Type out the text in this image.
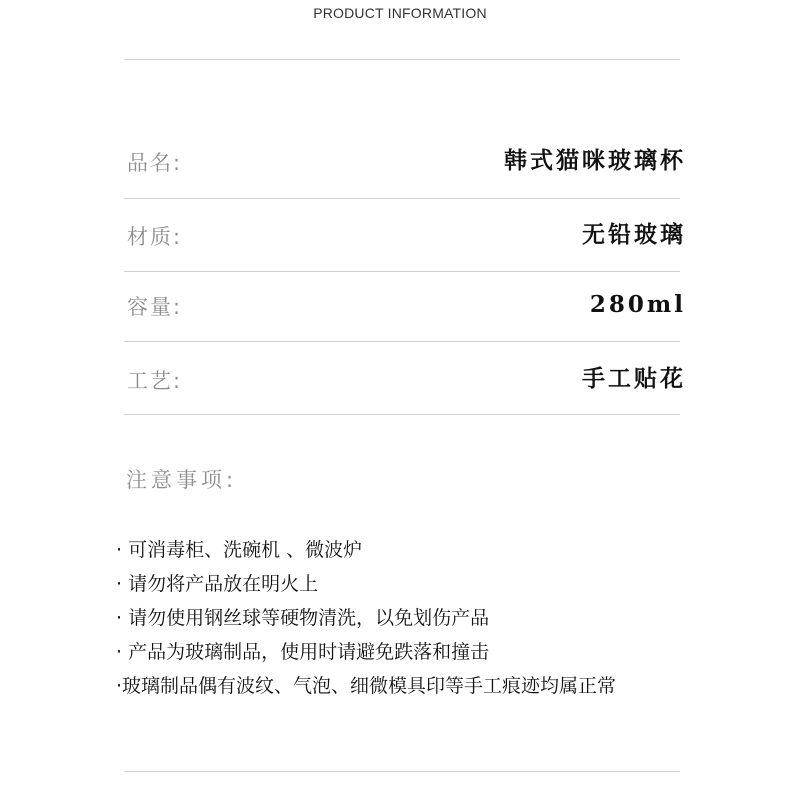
PRODUCT INFORMATION
品名:	韩式猫咪玻璃杯
材质:	无铅玻璃
容量:	280ml
工艺:	手工贴花
注意事项:
· 可消毒柜、洗碗机 、微波炉
· 请勿将产品放在明火上
· 请勿使用钢丝球等硬物清洗，以免划伤产品
· 产品为玻璃制品，使用时请避免跌落和撞击
·玻璃制品偶有波纹、气泡、细微模具印等手工痕迹均属正常
